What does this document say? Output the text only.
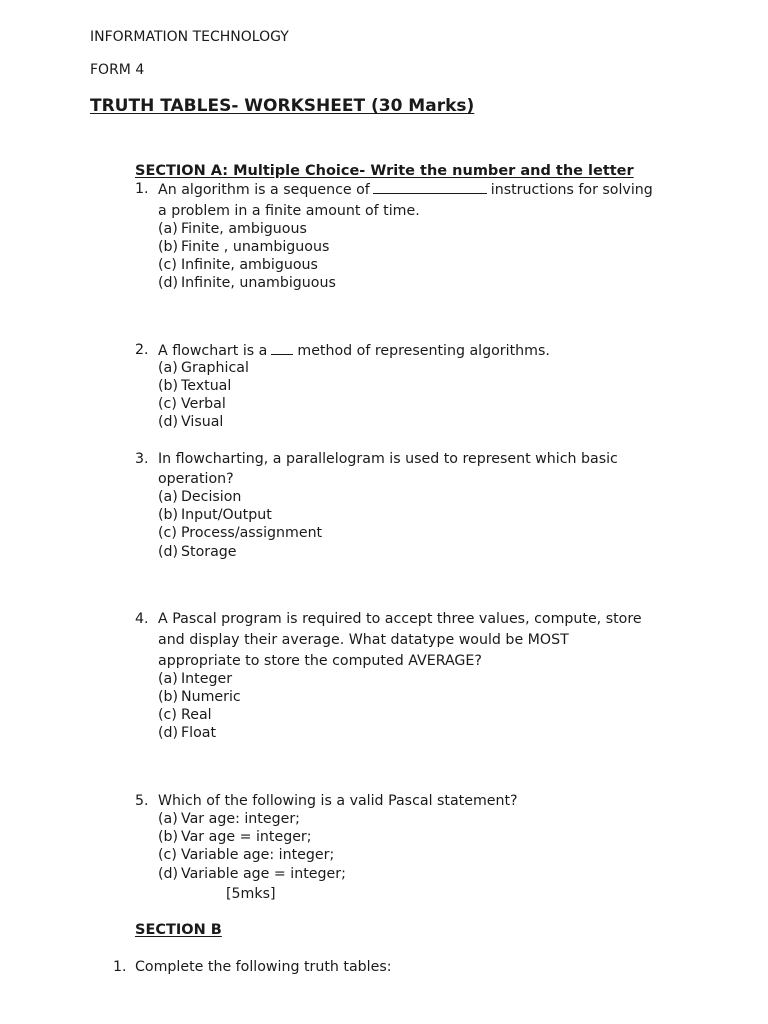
INFORMATION TECHNOLOGY
FORM 4
TRUTH TABLES- WORKSHEET (30 Marks)
SECTION A: Multiple Choice- Write the number and the letter
1. An algorithm is a sequence of	instructions for solving
a problem in a finite amount of time.
(a) Finite, ambiguous
(b) Finite , unambiguous
(c) Infinite, ambiguous
(d) Infinite, unambiguous
2. A flowchart is a method of representing algorithms.
(a) Graphical
(b) Textual
(c) Verbal
(d) Visual
3. In flowcharting, a parallelogram is used to represent which basic
operation?
(a) Decision
(b) Input/Output
(c) Process/assignment
(d) Storage
4. A Pascal program is required to accept three values, compute, store
and display their average. What datatype would be MOST
appropriate to store the computed AVERAGE?
(a) Integer
(b) Numeric
(c) Real
(d) Float
5. Which of the following is a valid Pascal statement?
(a) Var age: integer;
(b) Var age = integer;
(c) Variable age: integer;
(d) Variable age = integer;
[5mks]
SECTION B
1. Complete the following truth tables:
